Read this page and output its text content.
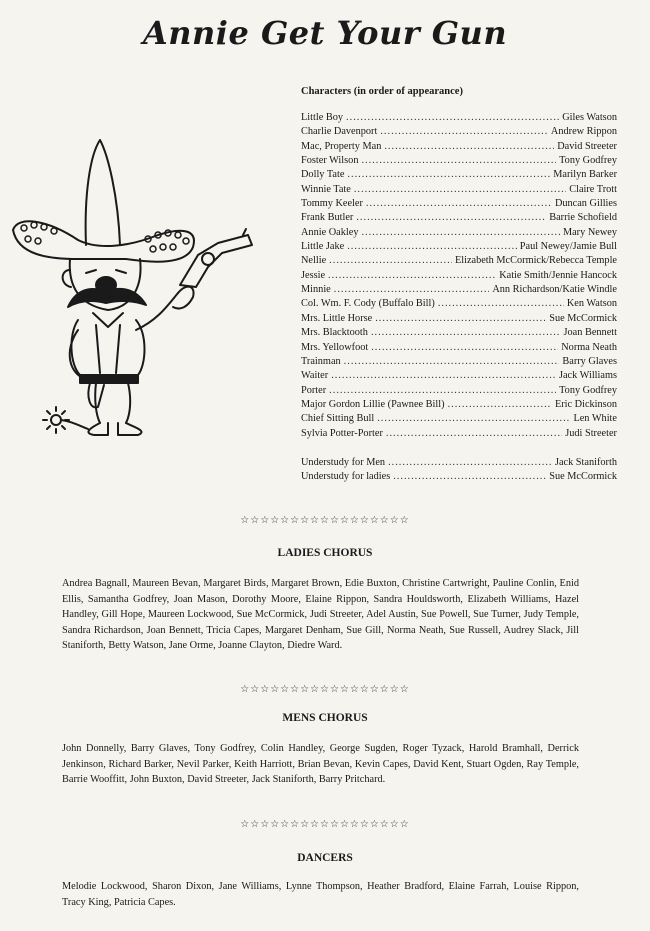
Annie Get Your Gun
Characters (in order of appearance)
Little Boy .....	Giles Watson
Charlie Davenport .....	Andrew Rippon
Mac, Property Man .....	David Streeter
Foster Wilson .....	Tony Godfrey
Dolly Tate .....	Marilyn Barker
Winnie Tate .....	Claire Trott
Tommy Keeler .....	Duncan Gillies
Frank Butler .....	Barrie Schofield
Annie Oakley .....	Mary Newey
Little Jake .....	Paul Newey/Jamie Bull
Nellie .....	Elizabeth McCormick/Rebecca Temple
Jessie .....	Katie Smith/Jennie Hancock
Minnie .....	Ann Richardson/Katie Windle
Col. Wm. F. Cody (Buffalo Bill) .....	Ken Watson
Mrs. Little Horse .....	Sue McCormick
Mrs. Blacktooth .....	Joan Bennett
Mrs. Yellowfoot .....	Norma Neath
Trainman .....	Barry Glaves
Waiter .....	Jack Williams
Porter .....	Tony Godfrey
Major Gordon Lillie (Pawnee Bill) .....	Eric Dickinson
Chief Sitting Bull .....	Len White
Sylvia Potter-Porter .....	Judi Streeter
Understudy for Men .....	Jack Staniforth
Understudy for ladies .....	Sue McCormick
☆☆☆☆☆☆☆☆☆☆☆☆☆☆☆☆☆
LADIES CHORUS
Andrea Bagnall, Maureen Bevan, Margaret Birds, Margaret Brown, Edie Buxton, Christine Cartwright, Pauline Conlin, Enid Ellis, Samantha Godfrey, Joan Mason, Dorothy Moore, Elaine Rippon, Sandra Houldsworth, Elizabeth Williams, Hazel Handley, Gill Hope, Maureen Lockwood, Sue McCormick, Judi Streeter, Adel Austin, Sue Powell, Sue Turner, Judy Temple, Sandra Richardson, Joan Bennett, Tricia Capes, Margaret Denham, Sue Gill, Norma Neath, Sue Russell, Audrey Slack, Jill Staniforth, Betty Watson, Jane Orme, Joanne Clayton, Diedre Ward.
☆☆☆☆☆☆☆☆☆☆☆☆☆☆☆☆☆
MENS CHORUS
John Donnelly, Barry Glaves, Tony Godfrey, Colin Handley, George Sugden, Roger Tyzack, Harold Bramhall, Derrick Jenkinson, Richard Barker, Nevil Parker, Keith Harriott, Brian Bevan, Kevin Capes, David Kent, Stuart Ogden, Ray Temple, Barrie Wooffitt, John Buxton, David Streeter, Jack Staniforth, Barry Pritchard.
☆☆☆☆☆☆☆☆☆☆☆☆☆☆☆☆☆
DANCERS
Melodie Lockwood, Sharon Dixon, Jane Williams, Lynne Thompson, Heather Bradford, Elaine Farrah, Louise Rippon, Tracy King, Patricia Capes.
